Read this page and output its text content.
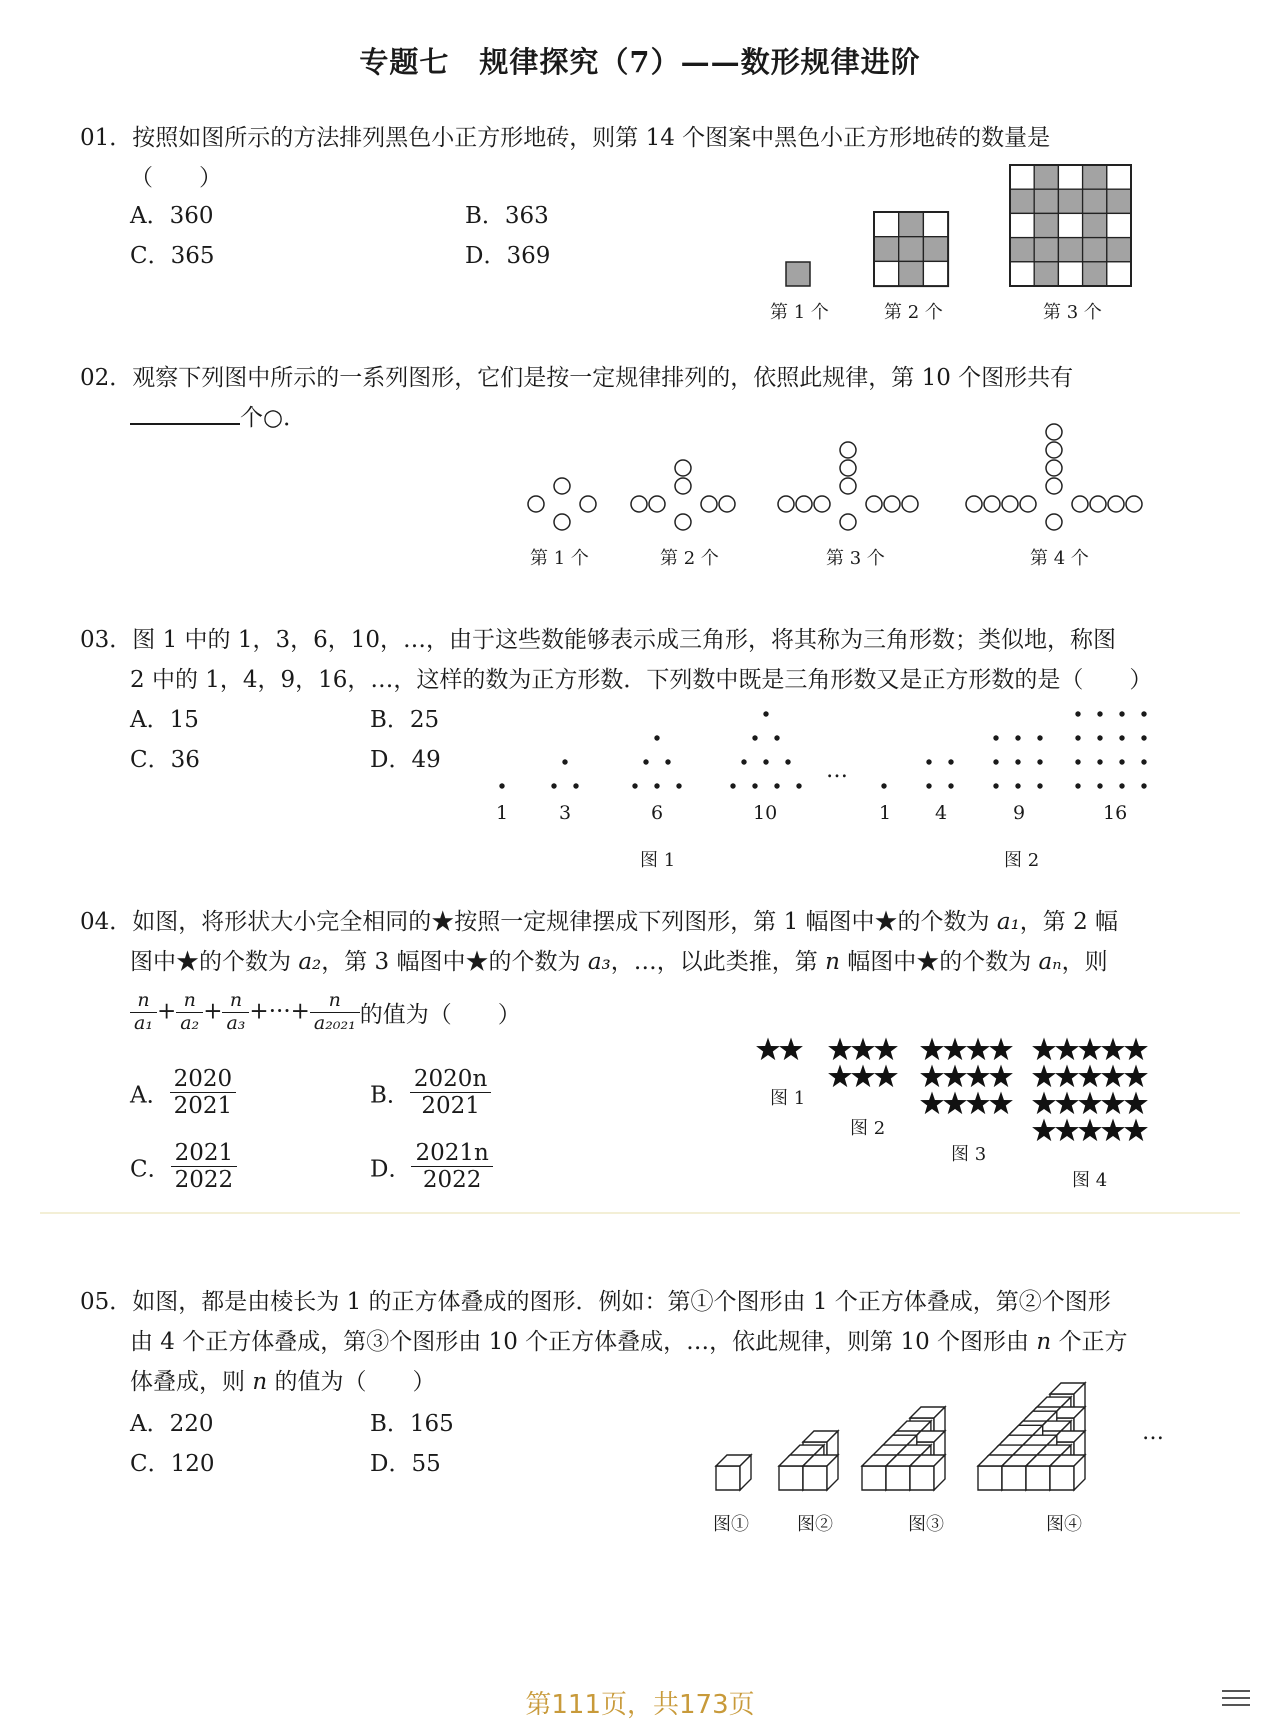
专题七　规律探究（7）——数形规律进阶
01．按照如图所示的方法排列黑色小正方形地砖，则第 14 个图案中黑色小正方形地砖的数量是
（　　）
A．360	B．363
C．365	D．369
第 1 个	第 2 个	第 3 个
02．观察下列图中所示的一系列图形，它们是按一定规律排列的，依照此规律，第 10 个图形共有
个○．
第 1 个	第 2 个	第 3 个	第 4 个
03．图 1 中的 1，3，6，10，…，由于这些数能够表示成三角形，将其称为三角形数；类似地，称图
2 中的 1，4，9，16，…，这样的数为正方形数．下列数中既是三角形数又是正方形数的是（　　）
A．15	B．25
C．36	D．49
1	3	6	10
…
1 4	9	16
图 1	图 2
04．如图，将形状大小完全相同的★按照一定规律摆成下列图形，第 1 幅图中★的个数为 a₁，第 2 幅
图中★的个数为 a₂，第 3 幅图中★的个数为 a₃，…，以此类推，第 n 幅图中★的个数为 aₙ，则
$\frac{n}{\text{a₁}} + \frac{n}{\text{a₂}} + \frac{n}{\text{a₃}}$ +···+ $\frac{n}{\text{a₂₀₂₁}}$ 的值为（　　）
A． $\frac{2020}{2021}$	B． $\frac{2020n}{2021}$
C． $\frac{2021}{2022}$	D． $\frac{2021n}{2022}$
图 1
图 2
图 3
图 4
05．如图，都是由棱长为 1 的正方体叠成的图形．例如：第①个图形由 1 个正方体叠成，第②个图形
由 4 个正方体叠成，第③个图形由 10 个正方体叠成，…，依此规律，则第 10 个图形由 n 个正方
体叠成，则 n 的值为（　　）
A．220	B．165
C．120	D．55
…
图①	图②	图③	图④
第111页，共173页
